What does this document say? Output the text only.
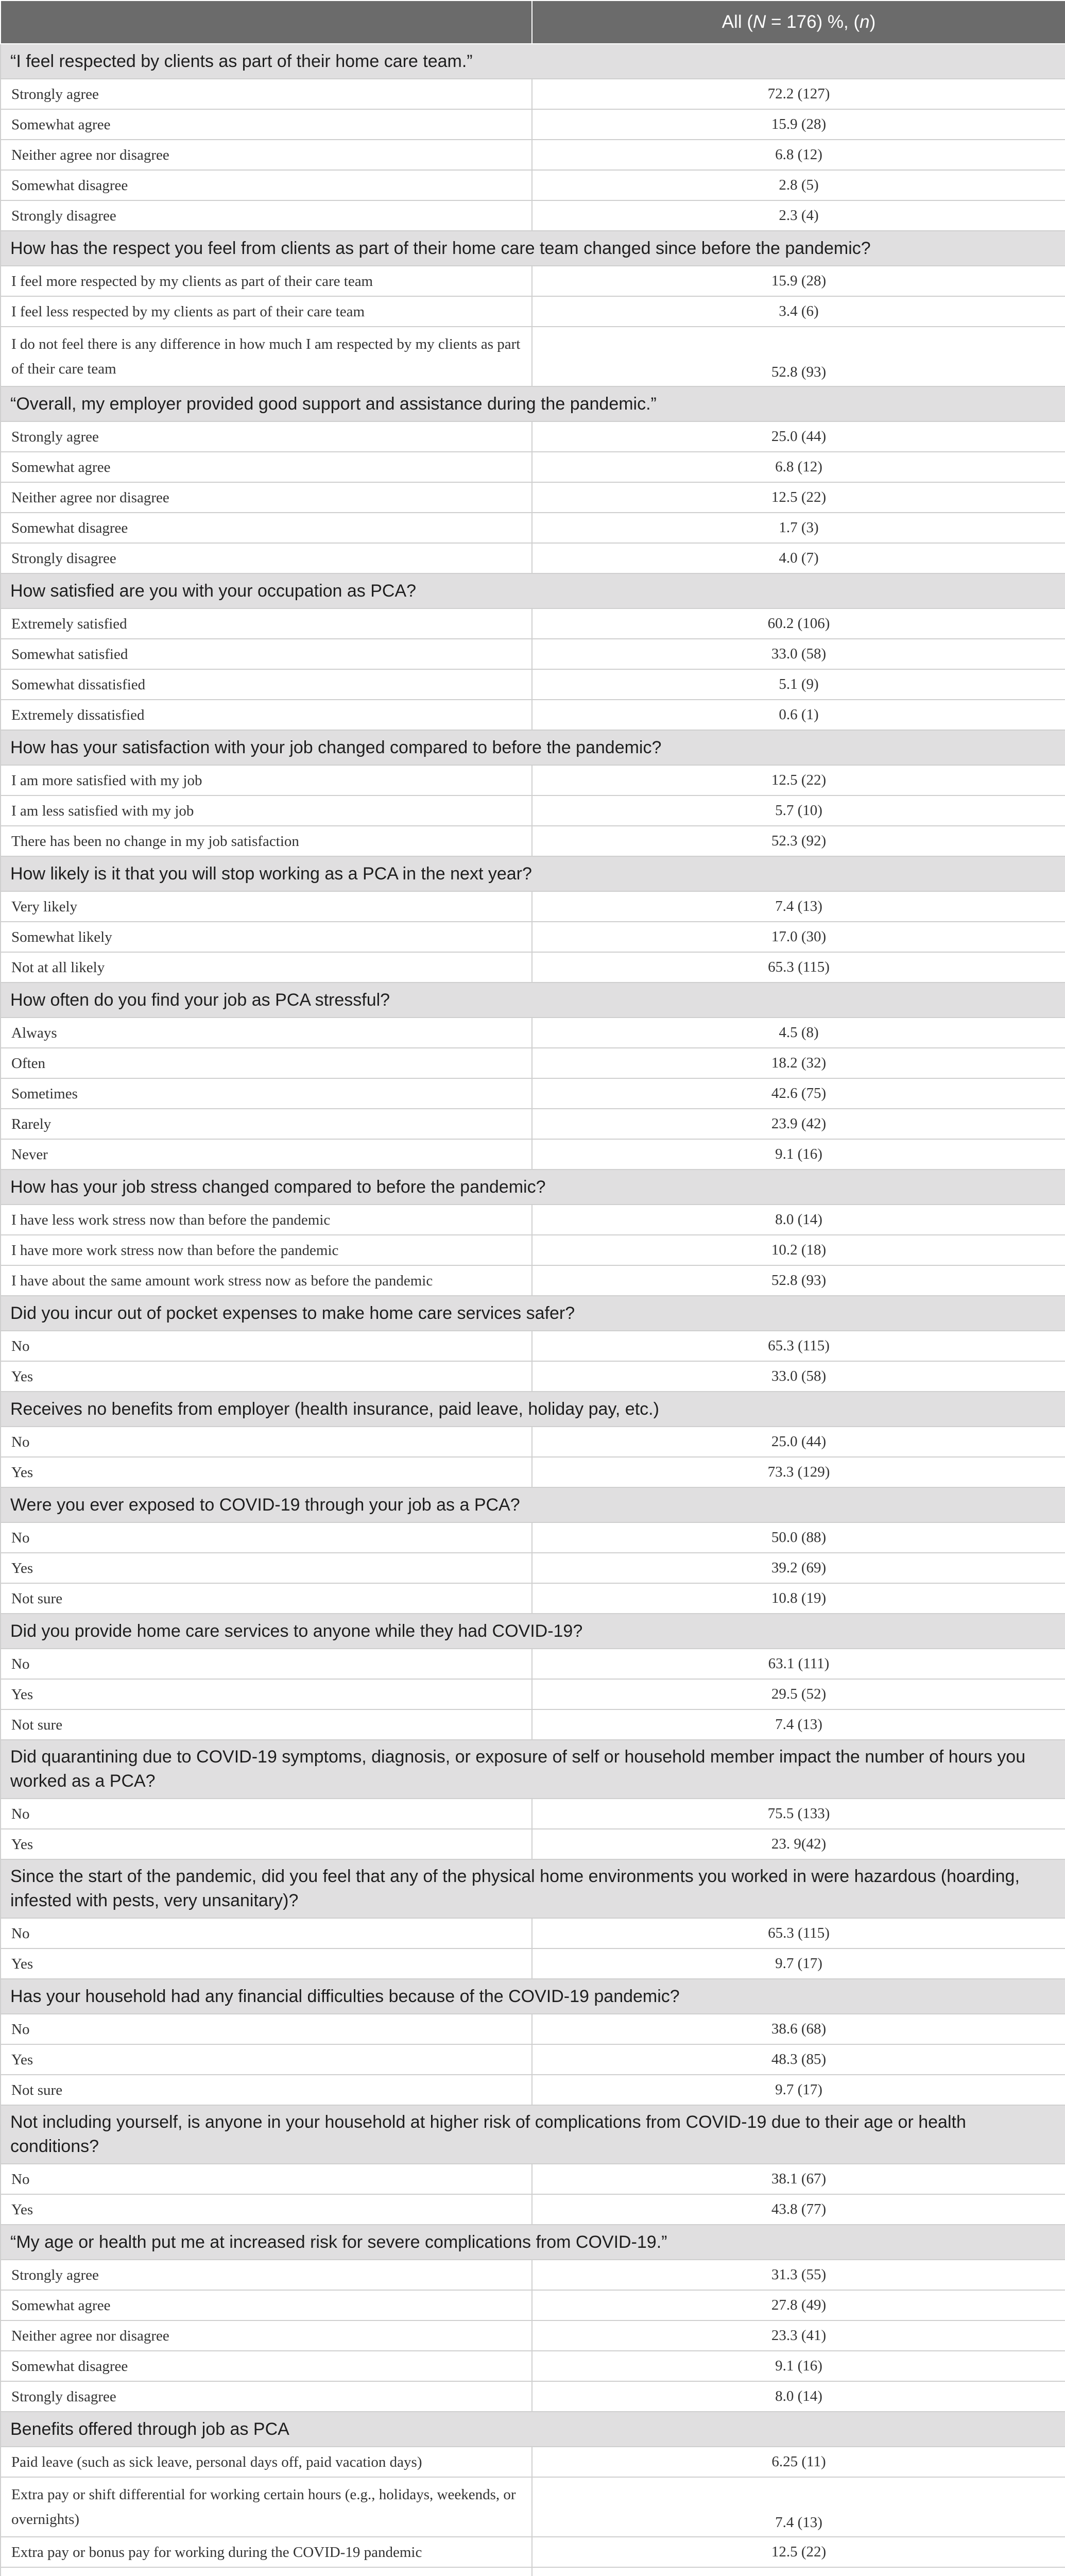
	All (N = 176) %, (n)
“I feel respected by clients as part of their home care team.”	
Strongly agree	72.2 (127)
Somewhat agree	15.9 (28)
Neither agree nor disagree	6.8 (12)
Somewhat disagree	2.8 (5)
Strongly disagree	2.3 (4)
How has the respect you feel from clients as part of their home care team changed since before the pandemic?	
I feel more respected by my clients as part of their care team	15.9 (28)
I feel less respected by my clients as part of their care team	3.4 (6)
I do not feel there is any difference in how much I am respected by my clients as part of their care team	52.8 (93)
“Overall, my employer provided good support and assistance during the pandemic.”	
Strongly agree	25.0 (44)
Somewhat agree	6.8 (12)
Neither agree nor disagree	12.5 (22)
Somewhat disagree	1.7 (3)
Strongly disagree	4.0 (7)
How satisfied are you with your occupation as PCA?	
Extremely satisfied	60.2 (106)
Somewhat satisfied	33.0 (58)
Somewhat dissatisfied	5.1 (9)
Extremely dissatisfied	0.6 (1)
How has your satisfaction with your job changed compared to before the pandemic?	
I am more satisfied with my job	12.5 (22)
I am less satisfied with my job	5.7 (10)
There has been no change in my job satisfaction	52.3 (92)
How likely is it that you will stop working as a PCA in the next year?	
Very likely	7.4 (13)
Somewhat likely	17.0 (30)
Not at all likely	65.3 (115)
How often do you find your job as PCA stressful?	
Always	4.5 (8)
Often	18.2 (32)
Sometimes	42.6 (75)
Rarely	23.9 (42)
Never	9.1 (16)
How has your job stress changed compared to before the pandemic?	
I have less work stress now than before the pandemic	8.0 (14)
I have more work stress now than before the pandemic	10.2 (18)
I have about the same amount work stress now as before the pandemic	52.8 (93)
Did you incur out of pocket expenses to make home care services safer?	
No	65.3 (115)
Yes	33.0 (58)
Receives no benefits from employer (health insurance, paid leave, holiday pay, etc.)	
No	25.0 (44)
Yes	73.3 (129)
Were you ever exposed to COVID-19 through your job as a PCA?	
No	50.0 (88)
Yes	39.2 (69)
Not sure	10.8 (19)
Did you provide home care services to anyone while they had COVID-19?	
No	63.1 (111)
Yes	29.5 (52)
Not sure	7.4 (13)
Did quarantining due to COVID-19 symptoms, diagnosis, or exposure of self or household member impact the number of hours you worked as a PCA?	
No	75.5 (133)
Yes	23. 9(42)
Since the start of the pandemic, did you feel that any of the physical home environments you worked in were hazardous (hoarding, infested with pests, very unsanitary)?	
No	65.3 (115)
Yes	9.7 (17)
Has your household had any financial difficulties because of the COVID-19 pandemic?	
No	38.6 (68)
Yes	48.3 (85)
Not sure	9.7 (17)
Not including yourself, is anyone in your household at higher risk of complications from COVID-19 due to their age or health conditions?	
No	38.1 (67)
Yes	43.8 (77)
“My age or health put me at increased risk for severe complications from COVID-19.”	
Strongly agree	31.3 (55)
Somewhat agree	27.8 (49)
Neither agree nor disagree	23.3 (41)
Somewhat disagree	9.1 (16)
Strongly disagree	8.0 (14)
Benefits offered through job as PCA	
Paid leave (such as sick leave, personal days off, paid vacation days)	6.25 (11)
Extra pay or shift differential for working certain hours (e.g., holidays, weekends, or overnights)	7.4 (13)
Extra pay or bonus pay for working during the COVID-19 pandemic	12.5 (22)
